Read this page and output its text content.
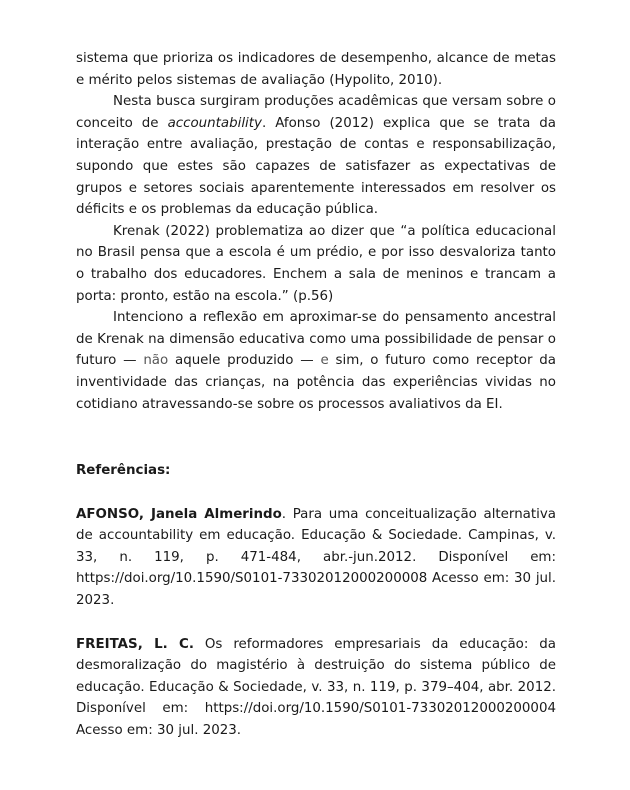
sistema que prioriza os indicadores de desempenho, alcance de metas e mérito pelos sistemas de avaliação (Hypolito, 2010).

Nesta busca surgiram produções acadêmicas que versam sobre o conceito de accountability. Afonso (2012) explica que se trata da interação entre avaliação, prestação de contas e responsabilização, supondo que estes são capazes de satisfazer as expectativas de grupos e setores sociais aparentemente interessados em resolver os déficits e os problemas da educação pública.

Krenak (2022) problematiza ao dizer que “a política educacional no Brasil pensa que a escola é um prédio, e por isso desvaloriza tanto o trabalho dos educadores. Enchem a sala de meninos e trancam a porta: pronto, estão na escola.” (p.56)

Intenciono a reflexão em aproximar-se do pensamento ancestral de Krenak na dimensão educativa como uma possibilidade de pensar o futuro — não aquele produzido — e sim, o futuro como receptor da inventividade das crianças, na potência das experiências vividas no cotidiano atravessando-se sobre os processos avaliativos da EI.

Referências:

AFONSO, Janela Almerindo. Para uma conceitualização alternativa de accountability em educação. Educação & Sociedade. Campinas, v. 33, n. 119, p. 471-484, abr.-jun.2012. Disponível em: https://doi.org/10.1590/S0101-73302012000200008 Acesso em: 30 jul. 2023.

FREITAS, L. C. Os reformadores empresariais da educação: da desmoralização do magistério à destruição do sistema público de educação. Educação & Sociedade, v. 33, n. 119, p. 379–404, abr. 2012. Disponível em: https://doi.org/10.1590/S0101-73302012000200004 Acesso em: 30 jul. 2023.
